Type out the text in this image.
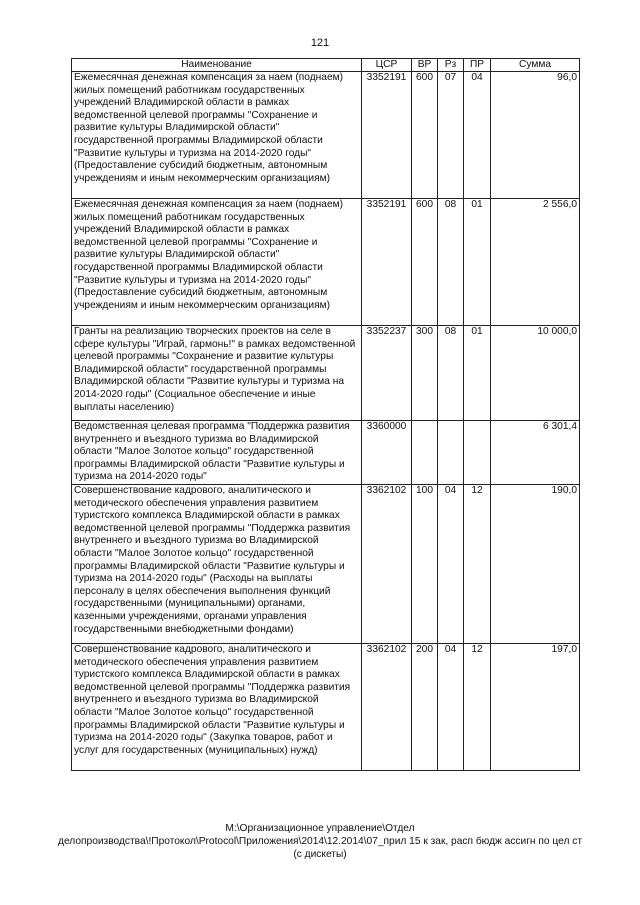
121
Наименование	ЦСР	ВР	Рз	ПР	Сумма
Ежемесячная денежная компенсация за наем (поднаем) жилых помещений работникам государственных учреждений Владимирской области в рамках ведомственной целевой программы "Сохранение и развитие культуры Владимирской области" государственной программы Владимирской области "Развитие культуры и туризма на 2014-2020 годы" (Предоставление субсидий бюджетным, автономным учреждениям и иным некоммерческим организациям)	3352191	600	07	04	96,0
Ежемесячная денежная компенсация за наем (поднаем) жилых помещений работникам государственных учреждений Владимирской области в рамках ведомственной целевой программы "Сохранение и развитие культуры Владимирской области" государственной программы Владимирской области "Развитие культуры и туризма на 2014-2020 годы" (Предоставление субсидий бюджетным, автономным учреждениям и иным некоммерческим организациям)	3352191	600	08	01	2 556,0
Гранты на реализацию творческих проектов на селе в сфере культуры "Играй, гармонь!" в рамках ведомственной целевой программы "Сохранение и развитие культуры Владимирской области" государственной программы Владимирской области "Развитие культуры и туризма на 2014-2020 годы" (Социальное обеспечение и иные выплаты населению)	3352237	300	08	01	10 000,0
Ведомственная целевая программа "Поддержка развития внутреннего и въездного туризма во Владимирской области "Малое Золотое кольцо" государственной программы Владимирской области "Развитие культуры и туризма на 2014-2020 годы"	3360000				6 301,4
Совершенствование кадрового, аналитического и методического обеспечения управления развитием туристского комплекса Владимирской области в рамках ведомственной целевой программы "Поддержка развития внутреннего и въездного туризма во Владимирской области "Малое Золотое кольцо" государственной программы Владимирской области "Развитие культуры и туризма на 2014-2020 годы" (Расходы на выплаты персоналу в целях обеспечения выполнения функций государственными (муниципальными) органами, казенными учреждениями, органами управления государственными внебюджетными фондами)	3362102	100	04	12	190,0
Совершенствование кадрового, аналитического и методического обеспечения управления развитием туристского комплекса Владимирской области в рамках ведомственной целевой программы "Поддержка развития внутреннего и въездного туризма во Владимирской области "Малое Золотое кольцо" государственной программы Владимирской области "Развитие культуры и туризма на 2014-2020 годы" (Закупка товаров, работ и услуг для государственных (муниципальных) нужд)	3362102	200	04	12	197,0
M:\Организационное управление\Отдел
делопроизводства\!Протокол\Protocol\Приложения\2014\12.2014\07_прил 15 к зак, расп бюдж ассигн по цел ст
(с дискеты)
